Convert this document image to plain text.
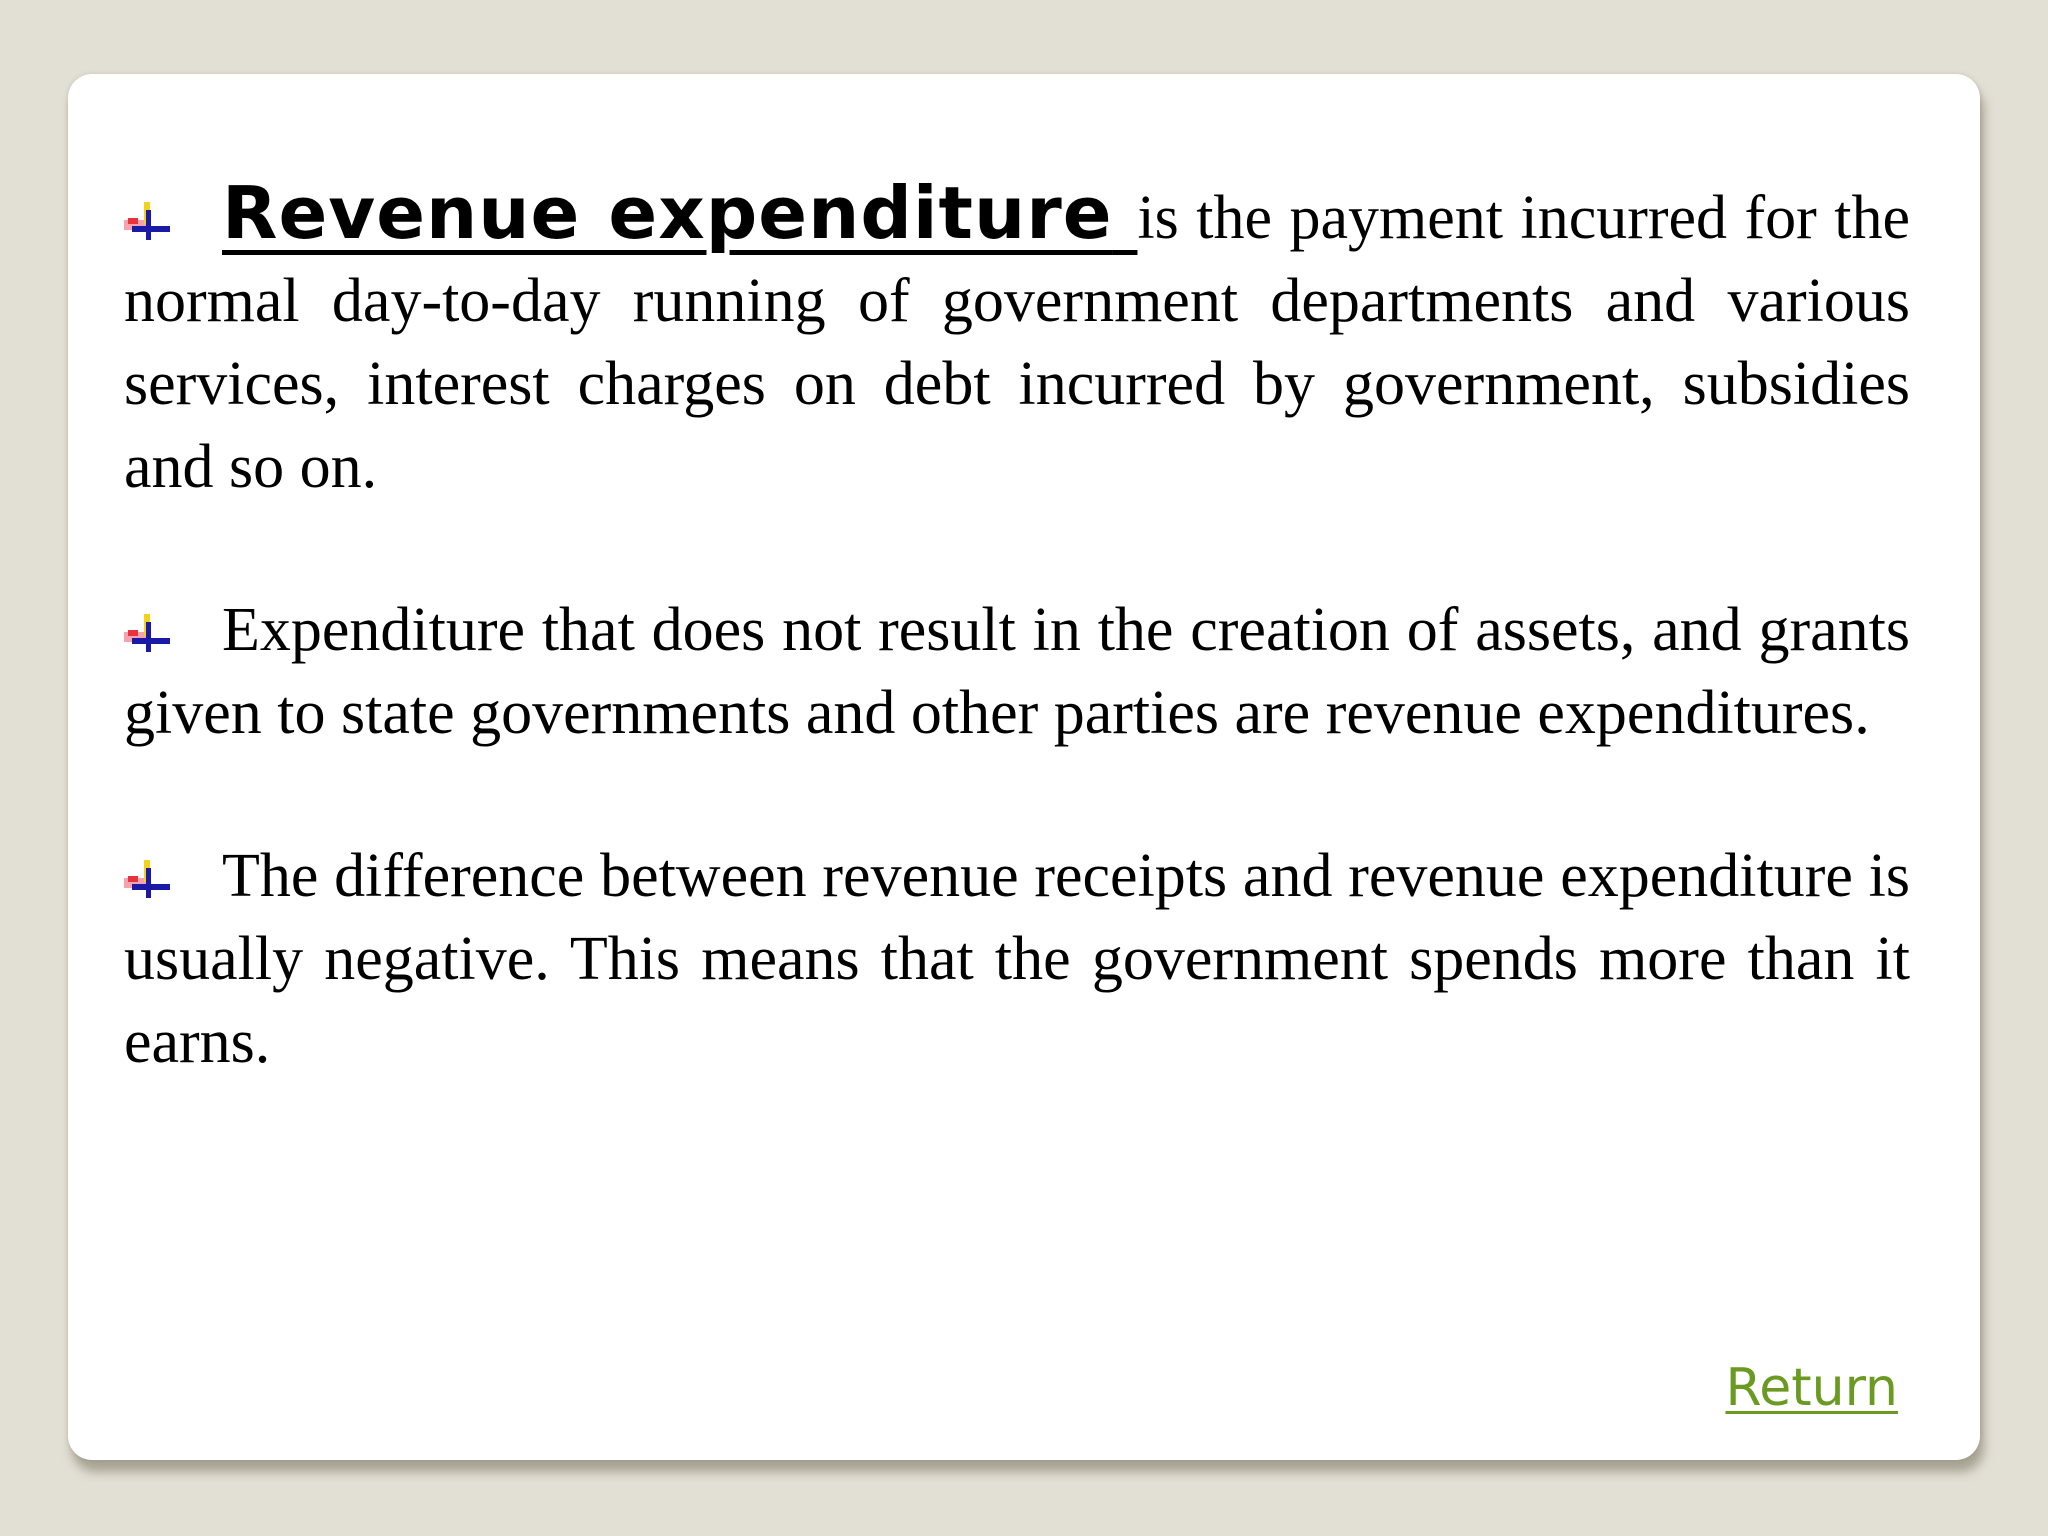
Revenue expenditure is the payment incurred for the normal day-to-day running of government departments and various services, interest charges on debt incurred by government, subsidies and so on.

Expenditure that does not result in the creation of assets, and grants given to state governments and other parties are revenue expenditures.

The difference between revenue receipts and revenue expenditure is usually negative. This means that the government spends more than it earns.

Return
